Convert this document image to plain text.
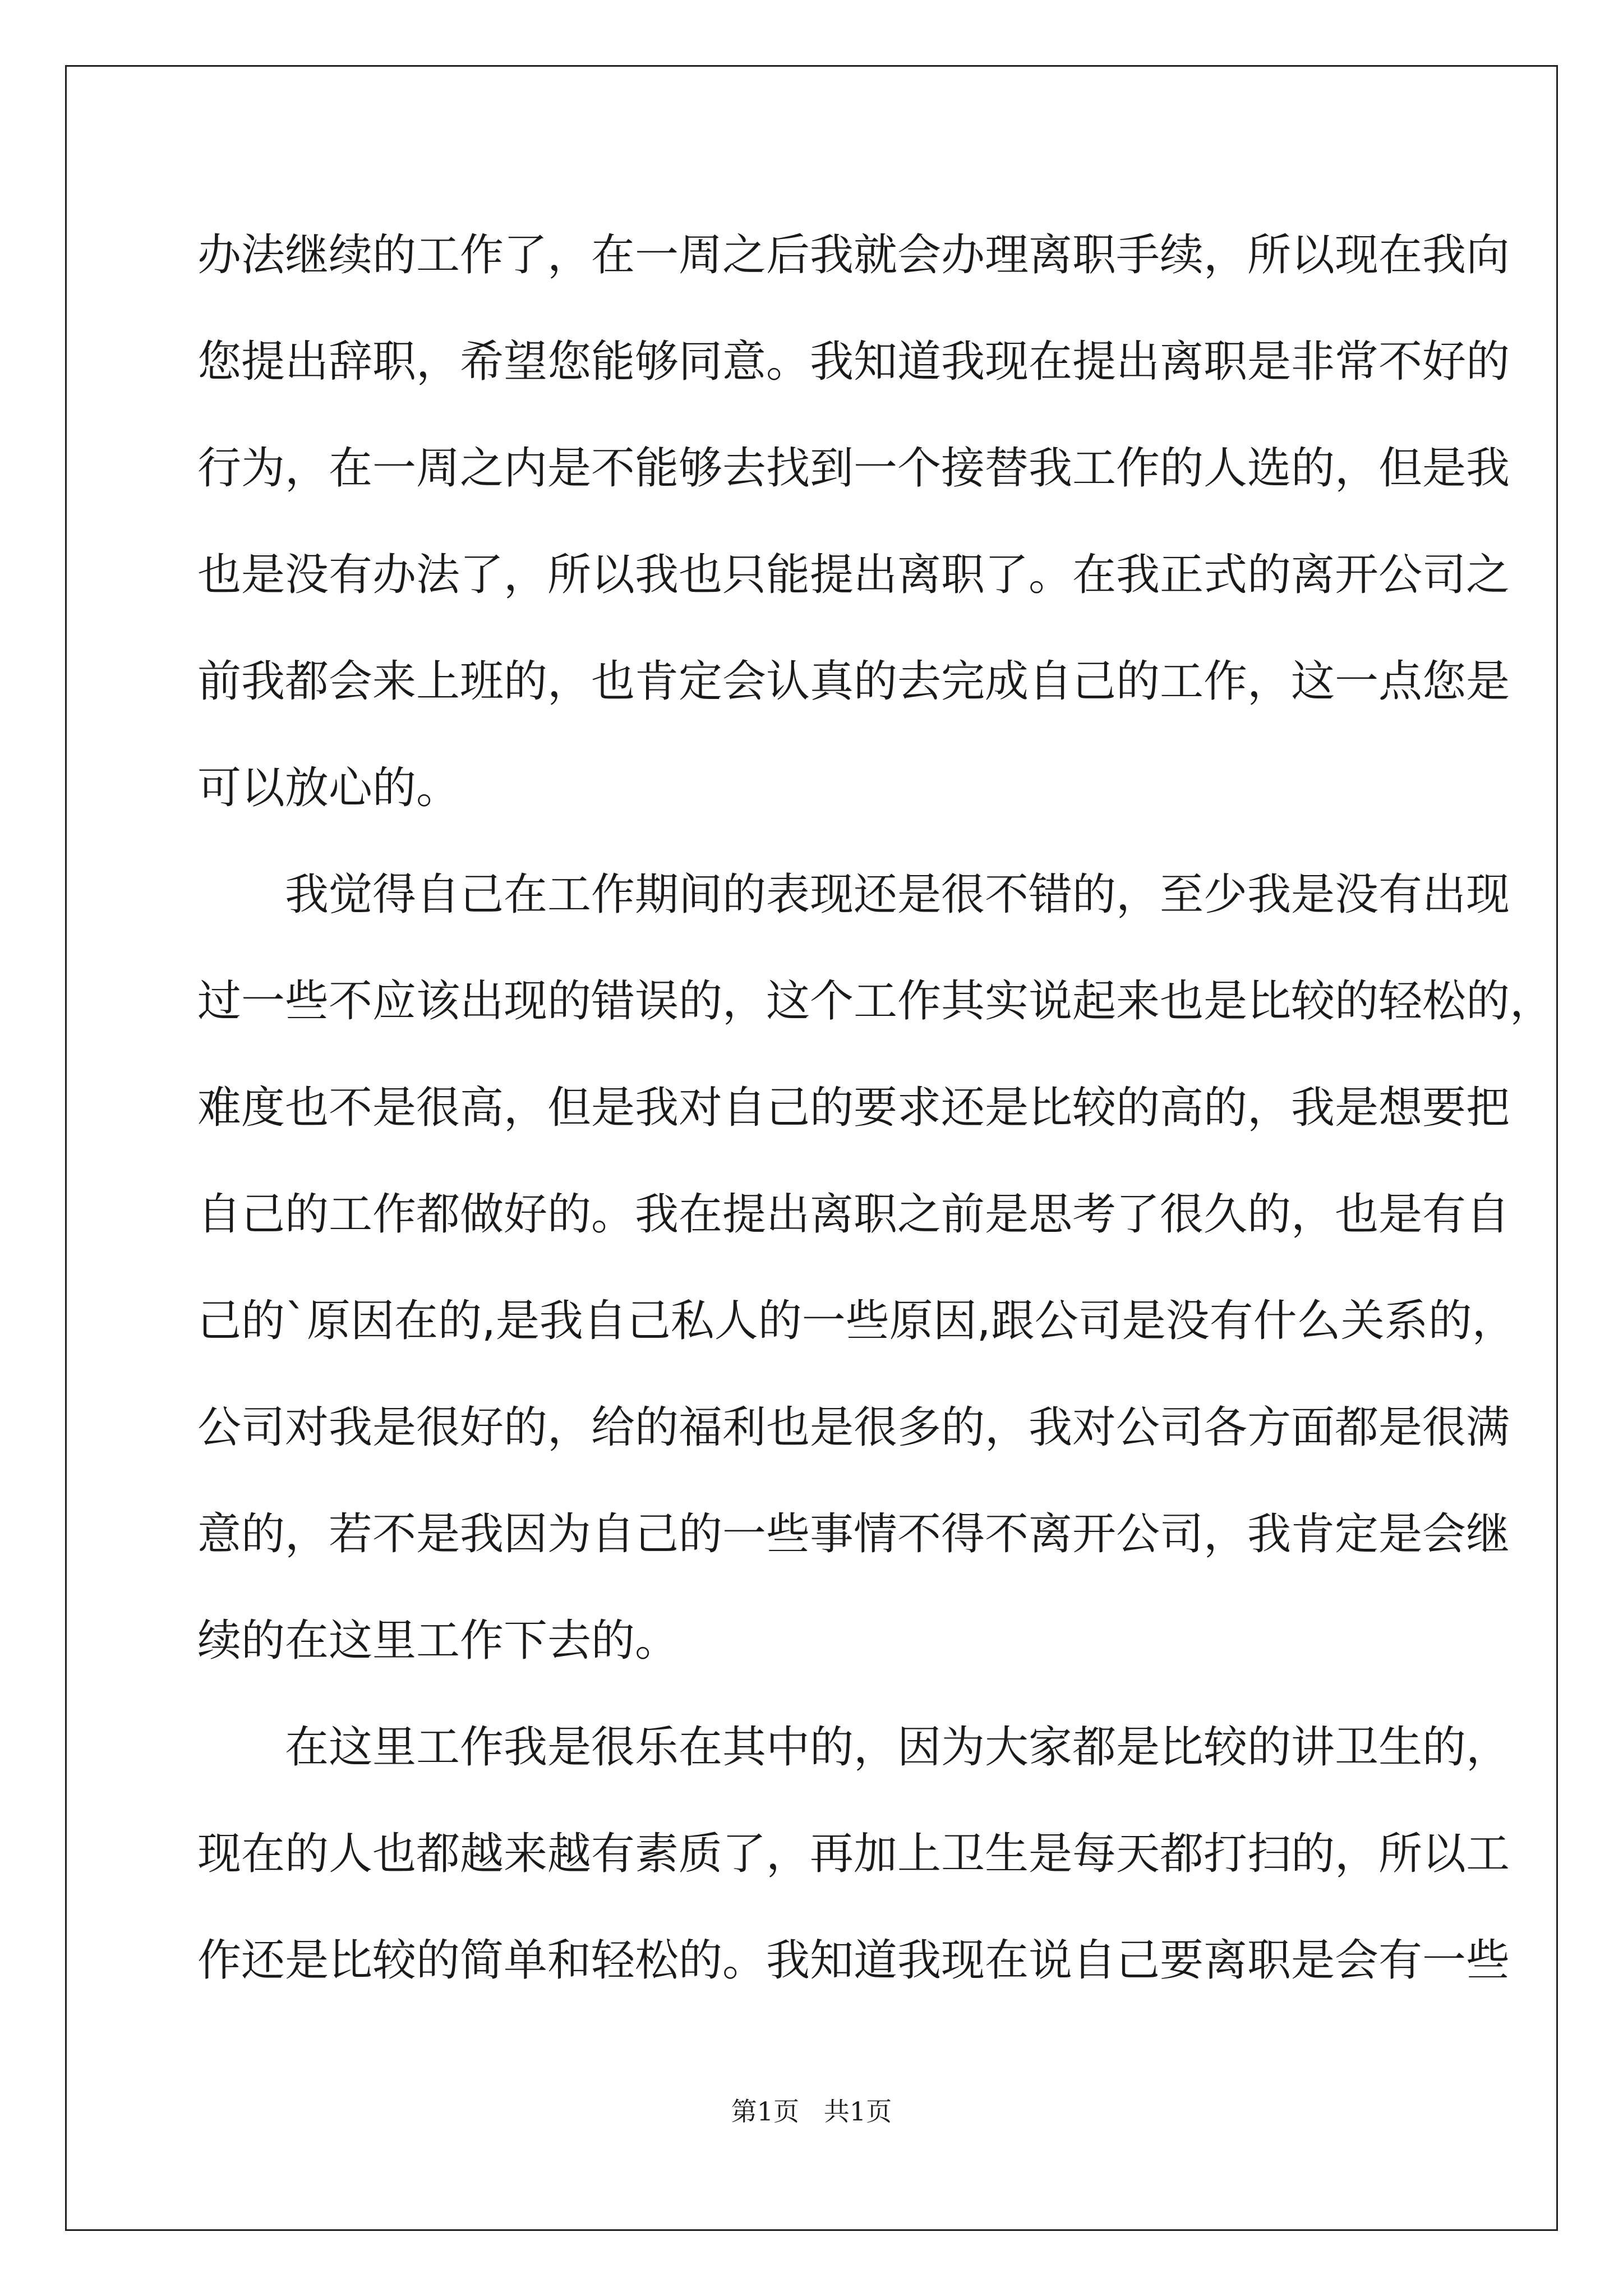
办法继续的工作了，在一周之后我就会办理离职手续，所以现在我向
您提出辞职，希望您能够同意。我知道我现在提出离职是非常不好的
行为，在一周之内是不能够去找到一个接替我工作的人选的，但是我
也是没有办法了，所以我也只能提出离职了。在我正式的离开公司之
前我都会来上班的，也肯定会认真的去完成自己的工作，这一点您是
可以放心的。
我觉得自己在工作期间的表现还是很不错的，至少我是没有出现
过一些不应该出现的错误的，这个工作其实说起来也是比较的轻松的，
难度也不是很高，但是我对自己的要求还是比较的高的，我是想要把
自己的工作都做好的。我在提出离职之前是思考了很久的，也是有自
己的`原因在的,是我自己私人的一些原因,跟公司是没有什么关系的，
公司对我是很好的，给的福利也是很多的，我对公司各方面都是很满
意的，若不是我因为自己的一些事情不得不离开公司，我肯定是会继
续的在这里工作下去的。
在这里工作我是很乐在其中的，因为大家都是比较的讲卫生的，
现在的人也都越来越有素质了，再加上卫生是每天都打扫的，所以工
作还是比较的简单和轻松的。我知道我现在说自己要离职是会有一些
第1页   共1页
